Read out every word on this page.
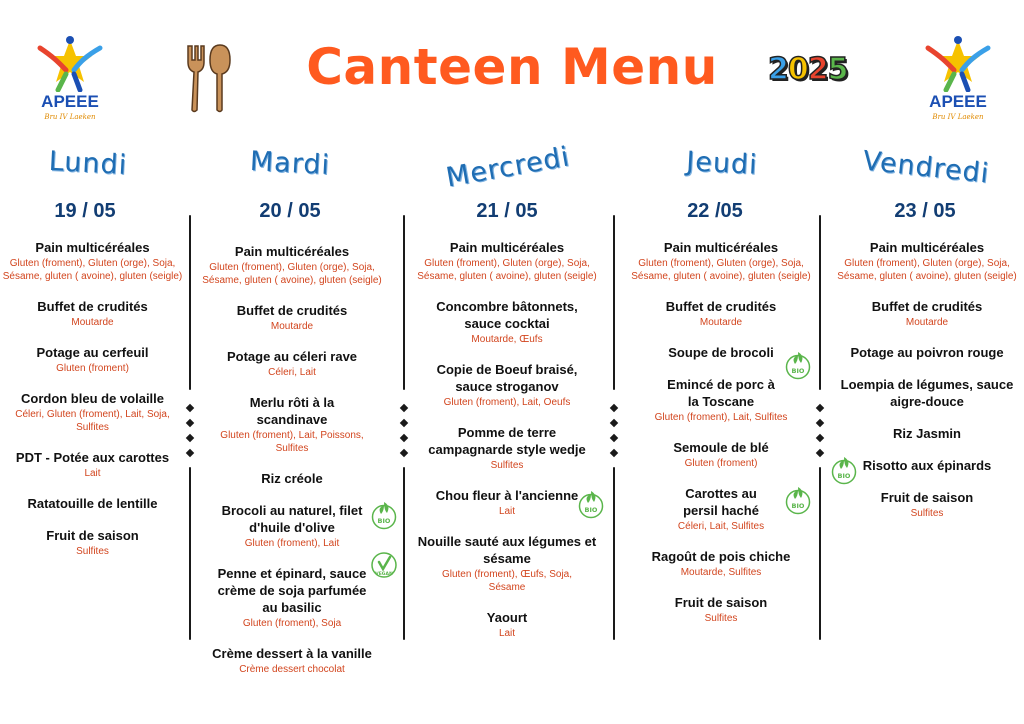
APEEE
Bru IV Laeken
APEEE
Bru IV Laeken
Canteen Menu	2025
Lundi	Mardi	Mercredi	Jeudi	Vendredi
19 / 05	20 / 05	21 / 05	22 /05	23 / 05
Pain multicéréales
Gluten (froment), Gluten (orge), Soja, Sésame, gluten ( avoine), gluten (seigle)
Buffet de crudités
Moutarde
Potage au cerfeuil
Gluten (froment)
Cordon bleu de volaille
Céleri, Gluten (froment), Lait, Soja, Sulfites
PDT - Potée aux carottes
Lait
Ratatouille de lentille
Fruit de saison
Sulfites
Pain multicéréales
Gluten (froment), Gluten (orge), Soja, Sésame, gluten ( avoine), gluten (seigle)
Buffet de crudités
Moutarde
Potage au céleri rave
Céleri, Lait
Merlu rôti à la scandinave
Gluten (froment), Lait, Poissons, Sulfites
Riz créole
Brocoli au naturel, filet d'huile d'olive
Gluten (froment), Lait
Penne et épinard, sauce crème de soja parfumée au basilic
Gluten (froment), Soja
Crème dessert à la vanille
Crème dessert chocolat
Pain multicéréales
Gluten (froment), Gluten (orge), Soja, Sésame, gluten ( avoine), gluten (seigle)
Concombre bâtonnets, sauce cocktai
Moutarde, Œufs
Copie de Boeuf braisé, sauce stroganov
Gluten (froment), Lait, Oeufs
Pomme de terre campagnarde style wedje
Sulfites
Chou fleur à l'ancienne
Lait
Nouille sauté aux légumes et sésame
Gluten (froment), Œufs, Soja, Sésame
Yaourt
Lait
Pain multicéréales
Gluten (froment), Gluten (orge), Soja, Sésame, gluten ( avoine), gluten (seigle)
Buffet de crudités
Moutarde
Soupe de brocoli
Emincé de porc à la Toscane
Gluten (froment), Lait, Sulfites
Semoule de blé
Gluten (froment)
Carottes au persil haché
Céleri, Lait, Sulfites
Ragoût de pois chiche
Moutarde, Sulfites
Fruit de saison
Sulfites
Pain multicéréales
Gluten (froment), Gluten (orge), Soja, Sésame, gluten ( avoine), gluten (seigle)
Buffet de crudités
Moutarde
Potage au poivron rouge
Loempia de légumes, sauce aigre-douce
Riz Jasmin
Risotto aux épinards
Fruit de saison
Sulfites
BIO
VEGAN
BIO
BIO
BIO
BIO
